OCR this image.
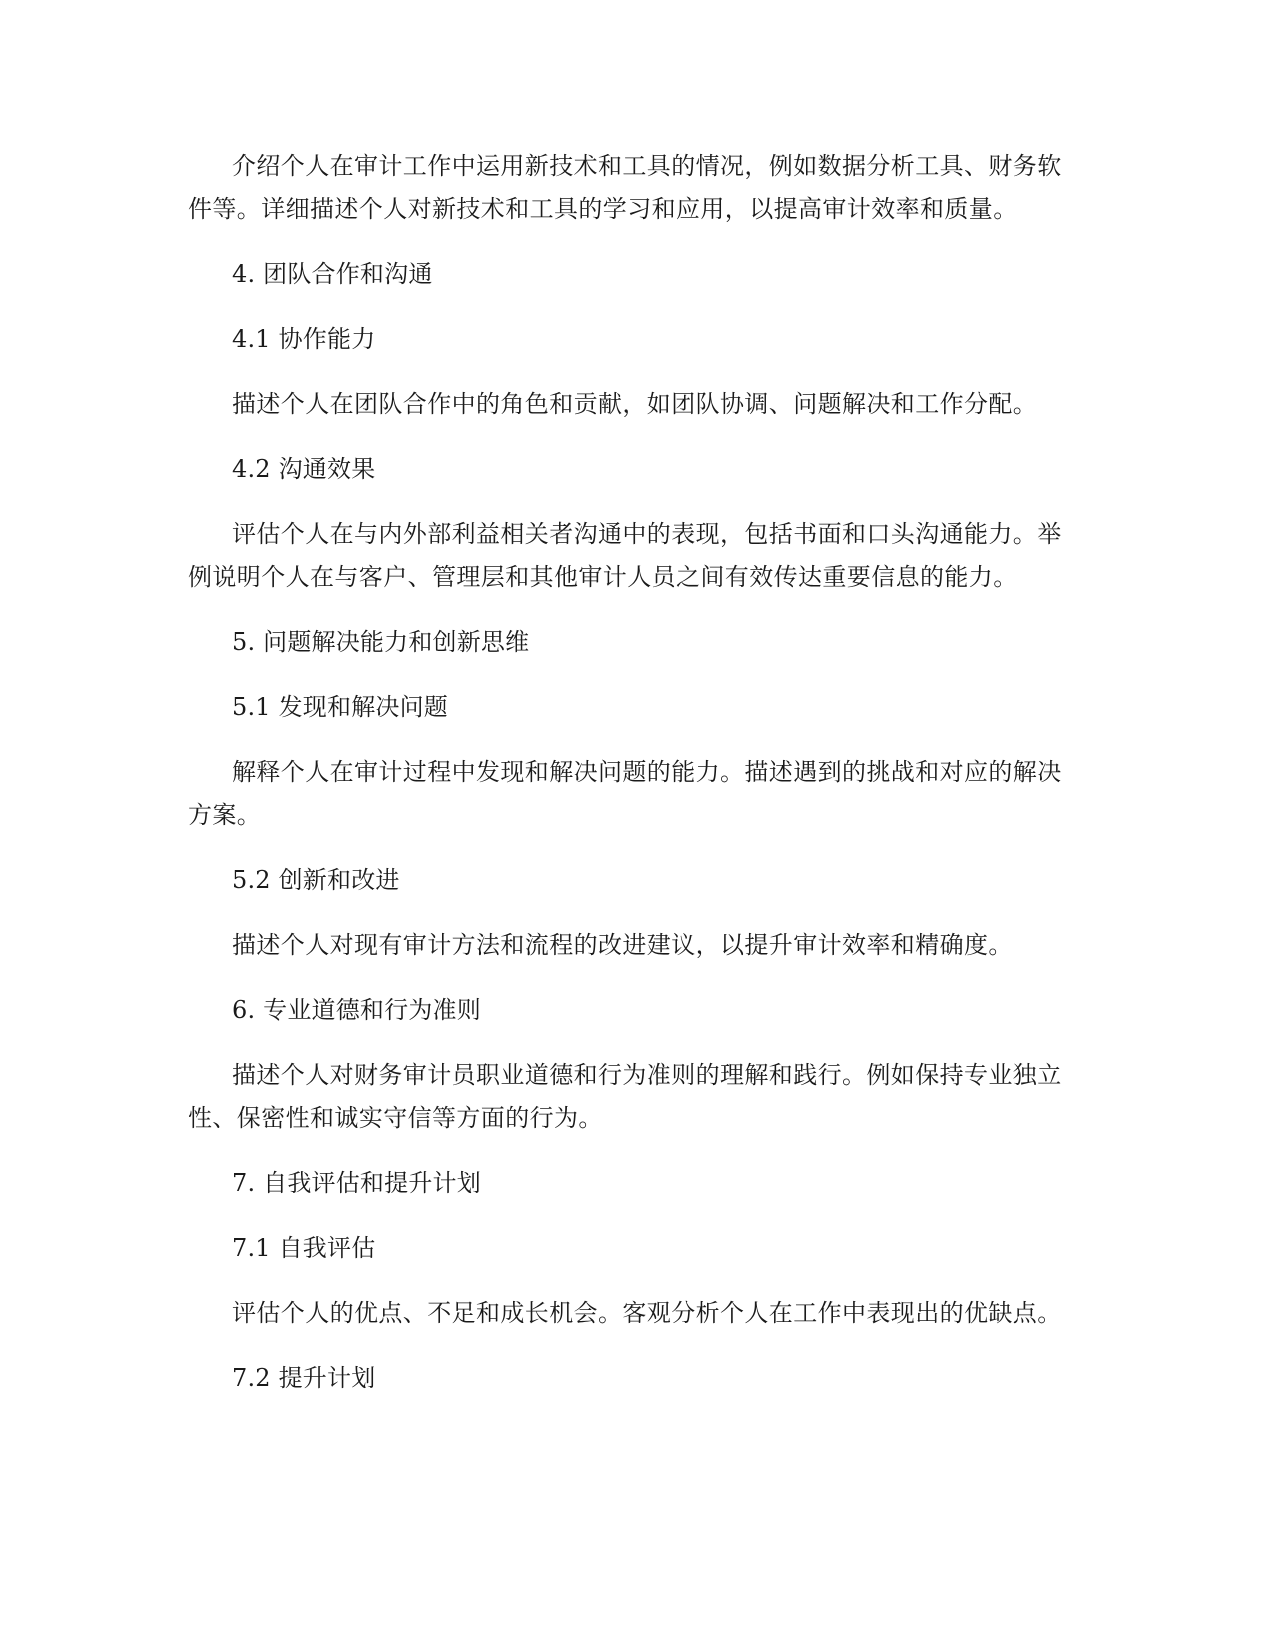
介绍个人在审计工作中运用新技术和工具的情况，例如数据分析工具、财务软件等。详细描述个人对新技术和工具的学习和应用，以提高审计效率和质量。

4. 团队合作和沟通

4.1 协作能力

描述个人在团队合作中的角色和贡献，如团队协调、问题解决和工作分配。

4.2 沟通效果

评估个人在与内外部利益相关者沟通中的表现，包括书面和口头沟通能力。举例说明个人在与客户、管理层和其他审计人员之间有效传达重要信息的能力。

5. 问题解决能力和创新思维

5.1 发现和解决问题

解释个人在审计过程中发现和解决问题的能力。描述遇到的挑战和对应的解决方案。

5.2 创新和改进

描述个人对现有审计方法和流程的改进建议，以提升审计效率和精确度。

6. 专业道德和行为准则

描述个人对财务审计员职业道德和行为准则的理解和践行。例如保持专业独立性、保密性和诚实守信等方面的行为。

7. 自我评估和提升计划

7.1 自我评估

评估个人的优点、不足和成长机会。客观分析个人在工作中表现出的优缺点。

7.2 提升计划
